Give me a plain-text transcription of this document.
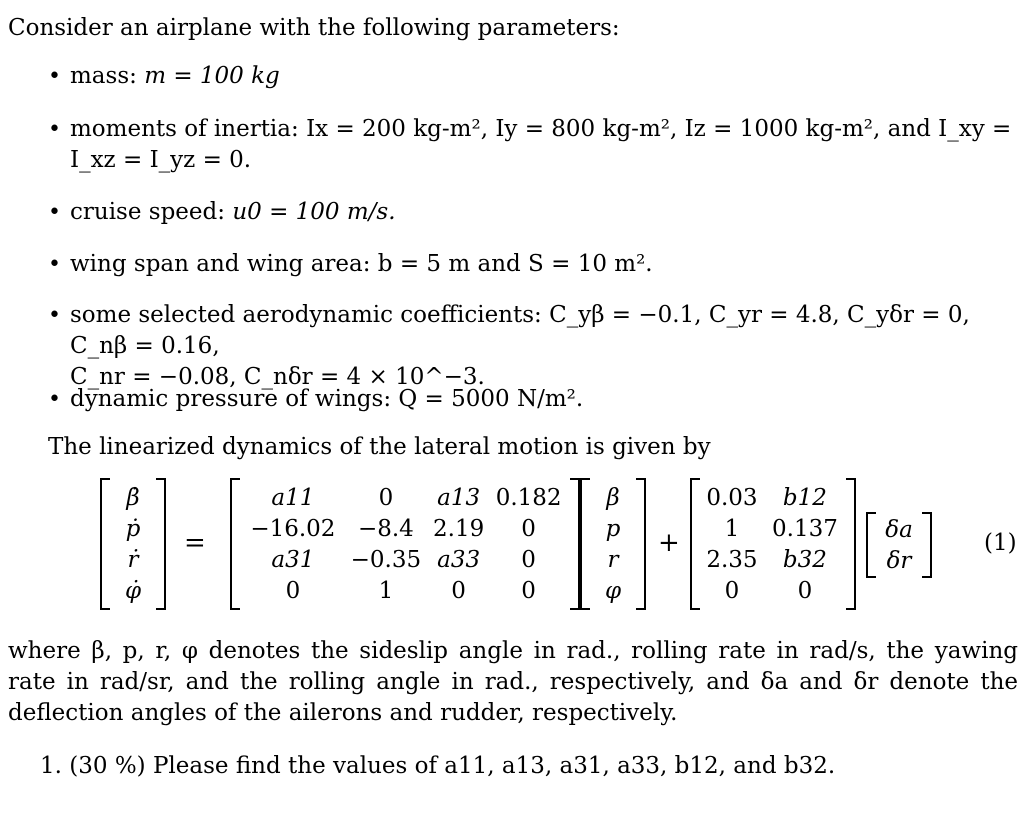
Consider an airplane with the following parameters:
• mass: m = 100 kg
• moments of inertia: Ix = 200 kg-m², Iy = 800 kg-m², Iz = 1000 kg-m², and I_xy =
I_xz = I_yz = 0.
• cruise speed: u0 = 100 m/s.
• wing span and wing area: b = 5 m and S = 10 m².
• some selected aerodynamic coefficients: C_yβ = −0.1, C_yr = 4.8, C_yδr = 0, C_nβ = 0.16,
C_nr = −0.08, C_nδr = 4 × 10^−3.
• dynamic pressure of wings: Q = 5000 N/m².
The linearized dynamics of the lateral motion is given by
β̇
ṗ
ṙ
φ̇
=
a11	0	a13	0.182
−16.02	−8.4	2.19	0
a31	−0.35	a33	0
0	1	0	0
β
p
r
φ
+
0.03	b12
1	0.137
2.35	b32
0	0
δa
δr
(1)
where β, p, r, φ denotes the sideslip angle in rad., rolling rate in rad/s, the yawing rate in rad/sr, and the rolling angle in rad., respectively, and δa and δr denote the deflection angles of the ailerons and rudder, respectively.
1. (30 %) Please find the values of a11, a13, a31, a33, b12, and b32.
